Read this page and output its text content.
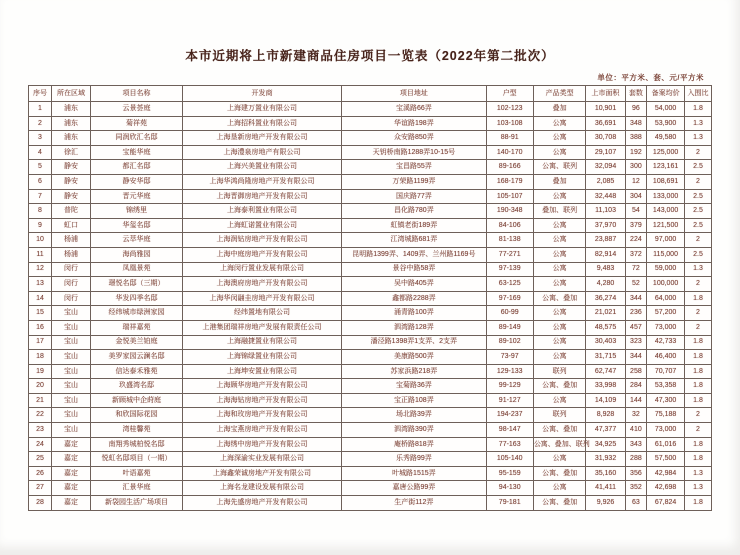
本市近期将上市新建商品住房项目一览表（2022年第二批次）
单位：平方米、套、元/平方米
序号	所在区域	项目名称	开发商	项目地址	户型	产品类型	上市面积	套数	备案均价	入围比
1	浦东	云景荟庭	上海建万置业有限公司	宝溪路66弄	102-123	叠加	10,901	96	54,000	1.8
2	浦东	菊祥苑	上海招科置业有限公司	华谊路198弄	103-108	公寓	36,691	348	53,900	1.3
3	浦东	同润欣汇名邸	上海垦新房地产开发有限公司	众安路850弄	88-91	公寓	30,708	388	49,580	1.3
4	徐汇	宝能华庭	上海澧泉房地产有限公司	天钥桥南路1288弄10-15号	140-170	公寓	29,107	192	125,000	2
5	静安	都汇名邸	上海兴美置业有限公司	宝昌路55弄	89-166	公寓、联列	32,094	300	123,161	2.5
6	静安	静安华邸	上海华鸿尚隆房地产开发有限公司	万荣路1199弄	168-179	叠加	2,085	12	108,691	2
7	静安	晋元华庭	上海晋御房地产开发有限公司	国庆路77弄	105-107	公寓	32,448	304	133,000	2.5
8	普陀	锦绣里	上海泰利置业有限公司	昌化路780弄	190-348	叠加、联列	11,103	54	143,000	2.5
9	虹口	华玺名邸	上海虹诺置业有限公司	虹镇老街189弄	84-106	公寓	37,970	379	121,500	2.5
10	杨浦	云萃华庭	上海润钻房地产开发有限公司	江湾城路681弄	81-138	公寓	23,887	224	97,000	2
11	杨浦	海尚雅园	上海中庭房地产开发有限公司	昆明路1399弄、1409弄、兰州路1169号	77-271	公寓	82,914	372	115,000	2.5
12	闵行	凤凰景苑	上海闵行置业发展有限公司	景谷中路58弄	97-139	公寓	9,483	72	59,000	1.3
13	闵行	璟悦名邸（三期）	上海澳府房地产开发有限公司	吴中路405弄	63-125	公寓	4,280	52	100,000	2
14	闵行	华发四季名邸	上海华闵翮圭房地产开发有限公司	鑫都路2288弄	97-169	公寓、叠加	36,274	344	64,000	1.8
15	宝山	经纬城市绿洲家园	经纬置地有限公司	涌青路100弄	60-99	公寓	21,021	236	57,200	2
16	宝山	瑞祥嘉苑	上港集团瑞祥房地产发展有限责任公司	泗湾路128弄	89-149	公寓	48,575	457	73,000	2
17	宝山	金悦美兰铂庭	上海融捷置业有限公司	潘泾路1398弄1支弄、2支弄	89-102	公寓	30,403	323	42,733	1.8
18	宝山	美罗家园云澜名邸	上海锦绿置业有限公司	美康路500弄	73-97	公寓	31,715	344	46,400	1.8
19	宝山	信达泰禾雅苑	上海坤安置业有限公司	苏家浜路218弄	129-133	联列	62,747	258	70,707	1.8
20	宝山	玖盛湾名邸	上海顾华房地产开发有限公司	宝菊路36弄	99-129	公寓、叠加	33,998	284	53,358	1.8
21	宝山	新顾城中企莳庭	上海海钻房地产开发有限公司	宝正路108弄	91-127	公寓	14,109	144	47,300	1.8
22	宝山	和欣国际花园	上海和玫房地产开发有限公司	场北路39弄	194-237	联列	8,928	32	75,188	2
23	宝山	湾桂馨苑	上海宝燕房地产开发有限公司	泗湾路390弄	98-147	公寓、叠加	47,377	410	73,000	2
24	嘉定	南翔秀城柏悦名邸	上海绣中房地产开发有限公司	庵桥路818弄	77-163	公寓、叠加、联列	34,925	343	61,016	1.8
25	嘉定	悦虹名邸项目（一期）	上海深渝实业发展有限公司	乐秀路99弄	105-140	公寓	31,932	288	57,500	1.8
26	嘉定	叶语嘉苑	上海鑫荣诚房地产开发有限公司	叶城路1515弄	95-159	公寓、叠加	35,160	356	42,984	1.3
27	嘉定	汇景华庭	上海名龙建设发展有限公司	嘉唐公路99弄	94-130	公寓	41,411	352	42,698	1.3
28	嘉定	新袋园生活广场项目	上海先盛房地产开发有限公司	生产街112弄	79-181	公寓、叠加	9,926	63	67,824	1.8
